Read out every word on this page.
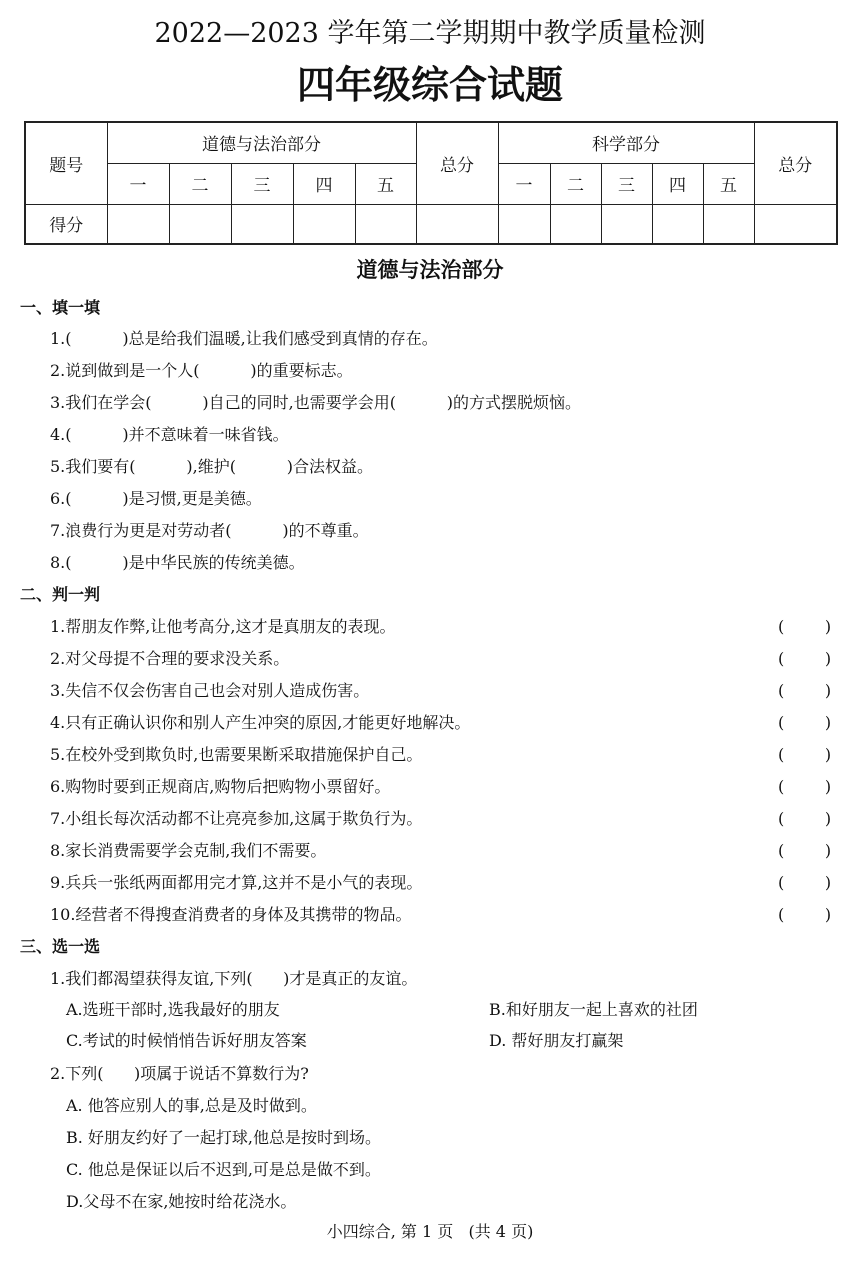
2022—2023 学年第二学期期中教学质量检测
四年级综合试题
题号	道德与法治部分					总分	科学部分					总分
	一	二	三	四	五		一	二	三	四	五	
得分												
道德与法治部分
一、填一填
1.(          )总是给我们温暖,让我们感受到真情的存在。
2.说到做到是一个人(          )的重要标志。
3.我们在学会(          )自己的同时,也需要学会用(          )的方式摆脱烦恼。
4.(          )并不意味着一味省钱。
5.我们要有(          ),维护(          )合法权益。
6.(          )是习惯,更是美德。
7.浪费行为更是对劳动者(          )的不尊重。
8.(          )是中华民族的传统美德。
二、判一判
1.帮朋友作弊,让他考高分,这才是真朋友的表现。	(        )
2.对父母提不合理的要求没关系。	(        )
3.失信不仅会伤害自己也会对别人造成伤害。	(        )
4.只有正确认识你和别人产生冲突的原因,才能更好地解决。	(        )
5.在校外受到欺负时,也需要果断采取措施保护自己。	(        )
6.购物时要到正规商店,购物后把购物小票留好。	(        )
7.小组长每次活动都不让亮亮参加,这属于欺负行为。	(        )
8.家长消费需要学会克制,我们不需要。	(        )
9.兵兵一张纸两面都用完才算,这并不是小气的表现。	(        )
10.经营者不得搜查消费者的身体及其携带的物品。	(        )
三、选一选
1.我们都渴望获得友谊,下列(      )才是真正的友谊。
A.选班干部时,选我最好的朋友	B.和好朋友一起上喜欢的社团
C.考试的时候悄悄告诉好朋友答案	D. 帮好朋友打赢架
2.下列(      )项属于说话不算数行为?
A. 他答应别人的事,总是及时做到。
B. 好朋友约好了一起打球,他总是按时到场。
C. 他总是保证以后不迟到,可是总是做不到。
D.父母不在家,她按时给花浇水。
小四综合, 第 1 页   (共 4 页)
